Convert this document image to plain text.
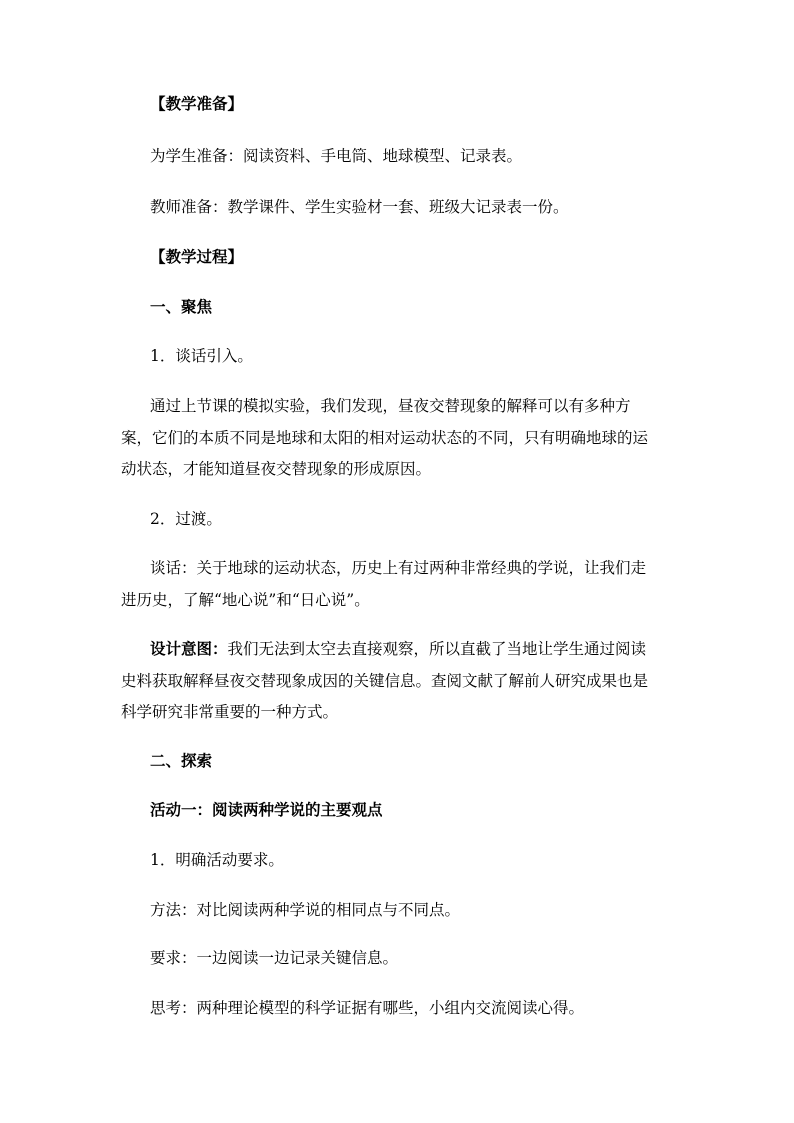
【教学准备】

为学生准备：阅读资料、手电筒、地球模型、记录表。

教师准备：教学课件、学生实验材一套、班级大记录表一份。

【教学过程】

一、聚焦

1．谈话引入。

通过上节课的模拟实验，我们发现，昼夜交替现象的解释可以有多种方

案，它们的本质不同是地球和太阳的相对运动状态的不同，只有明确地球的运

动状态，才能知道昼夜交替现象的形成原因。

2．过渡。

谈话：关于地球的运动状态，历史上有过两种非常经典的学说，让我们走

进历史，了解“地心说”和“日心说”。

设计意图：我们无法到太空去直接观察，所以直截了当地让学生通过阅读

史料获取解释昼夜交替现象成因的关键信息。查阅文献了解前人研究成果也是

科学研究非常重要的一种方式。

二、探索

活动一：阅读两种学说的主要观点

1．明确活动要求。

方法：对比阅读两种学说的相同点与不同点。

要求：一边阅读一边记录关键信息。

思考：两种理论模型的科学证据有哪些，小组内交流阅读心得。
